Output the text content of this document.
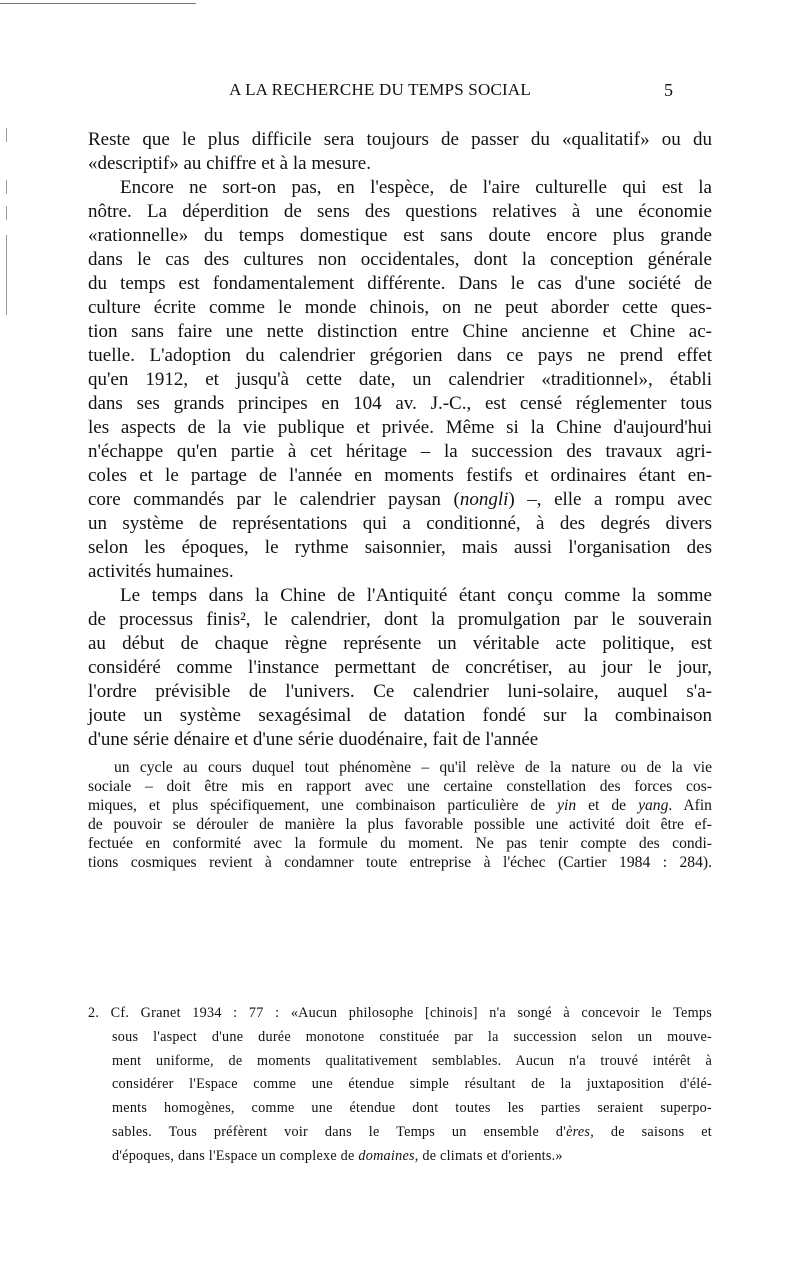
A LA RECHERCHE DU TEMPS SOCIAL	5
Reste que le plus difficile sera toujours de passer du «qualitatif» ou du
«descriptif» au chiffre et à la mesure.
Encore ne sort-on pas, en l'espèce, de l'aire culturelle qui est la
nôtre. La déperdition de sens des questions relatives à une économie
«rationnelle» du temps domestique est sans doute encore plus grande
dans le cas des cultures non occidentales, dont la conception générale
du temps est fondamentalement différente. Dans le cas d'une société de
culture écrite comme le monde chinois, on ne peut aborder cette ques-
tion sans faire une nette distinction entre Chine ancienne et Chine ac-
tuelle. L'adoption du calendrier grégorien dans ce pays ne prend effet
qu'en 1912, et jusqu'à cette date, un calendrier «traditionnel», établi
dans ses grands principes en 104 av. J.-C., est censé réglementer tous
les aspects de la vie publique et privée. Même si la Chine d'aujourd'hui
n'échappe qu'en partie à cet héritage – la succession des travaux agri-
coles et le partage de l'année en moments festifs et ordinaires étant en-
core commandés par le calendrier paysan (nongli) –, elle a rompu avec
un système de représentations qui a conditionné, à des degrés divers
selon les époques, le rythme saisonnier, mais aussi l'organisation des
activités humaines.
Le temps dans la Chine de l'Antiquité étant conçu comme la somme
de processus finis², le calendrier, dont la promulgation par le souverain
au début de chaque règne représente un véritable acte politique, est
considéré comme l'instance permettant de concrétiser, au jour le jour,
l'ordre prévisible de l'univers. Ce calendrier luni-solaire, auquel s'a-
joute un système sexagésimal de datation fondé sur la combinaison
d'une série dénaire et d'une série duodénaire, fait de l'année
un cycle au cours duquel tout phénomène – qu'il relève de la nature ou de la vie
sociale – doit être mis en rapport avec une certaine constellation des forces cos-
miques, et plus spécifiquement, une combinaison particulière de yin et de yang. Afin
de pouvoir se dérouler de manière la plus favorable possible une activité doit être ef-
fectuée en conformité avec la formule du moment. Ne pas tenir compte des condi-
tions cosmiques revient à condamner toute entreprise à l'échec (Cartier 1984 : 284).
2. Cf. Granet 1934 : 77 : «Aucun philosophe [chinois] n'a songé à concevoir le Temps
sous l'aspect d'une durée monotone constituée par la succession selon un mouve-
ment uniforme, de moments qualitativement semblables. Aucun n'a trouvé intérêt à
considérer l'Espace comme une étendue simple résultant de la juxtaposition d'élé-
ments homogènes, comme une étendue dont toutes les parties seraient superpo-
sables. Tous préfèrent voir dans le Temps un ensemble d'ères, de saisons et
d'époques, dans l'Espace un complexe de domaines, de climats et d'orients.»
